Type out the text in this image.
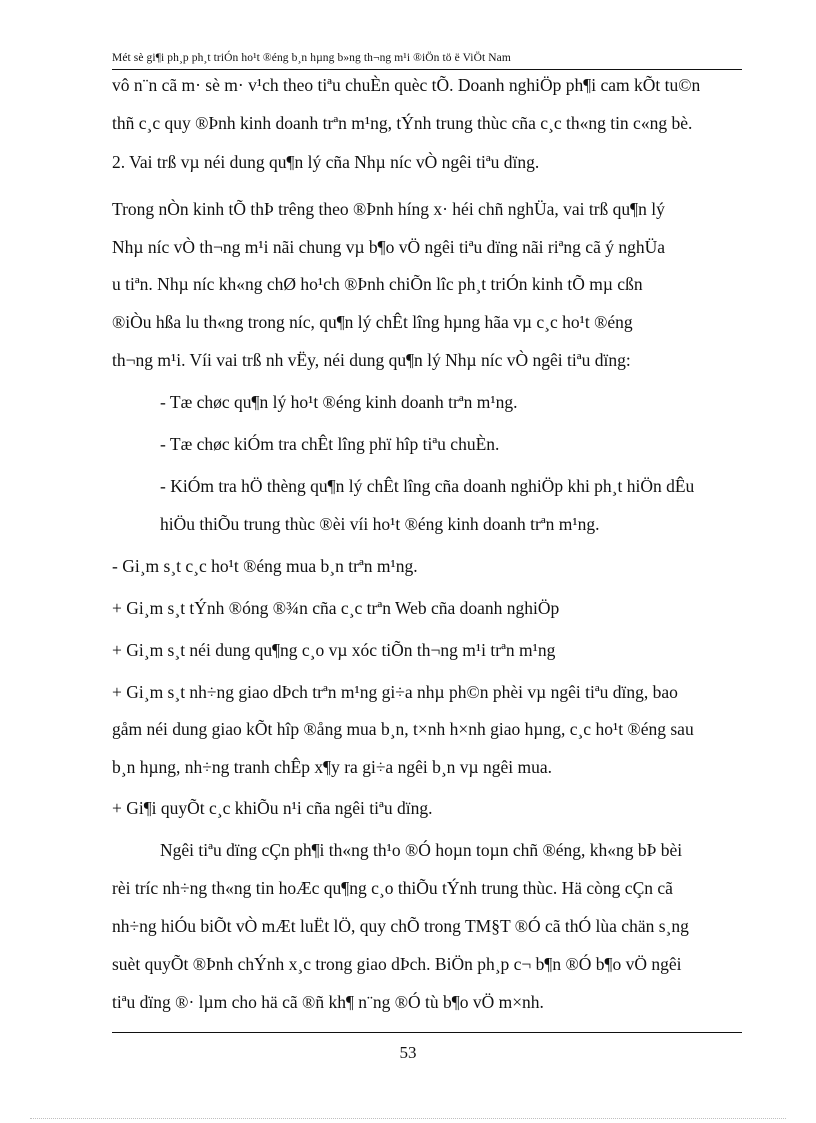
Mét sè gi¶i ph¸p ph¸t triÓn ho¹t ®éng b¸n hµng b»ng th¬ng m¹i ®iÖn tö ë ViÖt Nam
vô n¨n cã m· sè m· v¹ch theo tiªu chuÈn quèc tÕ. Doanh nghiÖp ph¶i cam kÕt tu©n
thñ c¸c quy ®Þnh kinh doanh trªn m¹ng, tÝnh trung thùc cña c¸c th«ng tin c«ng bè.
2. Vai trß vµ néi dung qu¶n lý cña Nhµ níc vÒ ngêi tiªu dïng.
Trong nÒn kinh tÕ thÞ trêng theo ®Þnh híng x· héi chñ nghÜa, vai trß qu¶n lý
Nhµ níc vÒ th¬ng m¹i nãi chung vµ b¶o vÖ ngêi tiªu dïng nãi riªng cã ý nghÜa
u tiªn. Nhµ níc kh«ng chØ ho¹ch ®Þnh chiÕn lîc ph¸t triÓn kinh tÕ mµ cßn
®iÒu hßa lu th«ng trong níc, qu¶n lý chÊt lîng hµng hãa vµ c¸c ho¹t ®éng
th¬ng m¹i. Víi vai trß nh vËy, néi dung qu¶n lý Nhµ níc vÒ ngêi tiªu dïng:
- Tæ chøc qu¶n lý ho¹t ®éng kinh doanh trªn m¹ng.
- Tæ chøc kiÓm tra chÊt lîng phï hîp tiªu chuÈn.
- KiÓm tra hÖ thèng qu¶n lý chÊt lîng cña doanh nghiÖp khi ph¸t hiÖn dÊu
hiÖu thiÕu trung thùc ®èi víi ho¹t ®éng kinh doanh trªn m¹ng.
- Gi¸m s¸t c¸c ho¹t ®éng mua b¸n trªn m¹ng.
+ Gi¸m s¸t tÝnh ®óng ®¾n cña c¸c trªn Web cña doanh nghiÖp
+ Gi¸m s¸t néi dung qu¶ng c¸o vµ xóc tiÕn th¬ng m¹i trªn m¹ng
+ Gi¸m s¸t nh÷ng giao dÞch trªn m¹ng gi÷a nhµ ph©n phèi vµ ngêi tiªu dïng, bao
gåm néi dung giao kÕt hîp ®ång mua b¸n, t×nh h×nh giao hµng, c¸c ho¹t ®éng sau
b¸n hµng, nh÷ng tranh chÊp x¶y ra gi÷a ngêi b¸n vµ ngêi mua.
+ Gi¶i quyÕt c¸c khiÕu n¹i cña ngêi tiªu dïng.
Ngêi tiªu dïng cÇn ph¶i th«ng th¹o ®Ó hoµn toµn chñ ®éng, kh«ng bÞ bèi
rèi tríc nh÷ng th«ng tin hoÆc qu¶ng c¸o thiÕu tÝnh trung thùc. Hä còng cÇn cã
nh÷ng hiÓu biÕt vÒ mÆt luËt lÖ, quy chÕ trong TM§T ®Ó cã thÓ lùa chän s¸ng
suèt quyÕt ®Þnh chÝnh x¸c trong giao dÞch. BiÖn ph¸p c¬ b¶n ®Ó b¶o vÖ ngêi
tiªu dïng ®· lµm cho hä cã ®ñ kh¶ n¨ng ®Ó tù b¶o vÖ m×nh.
53
